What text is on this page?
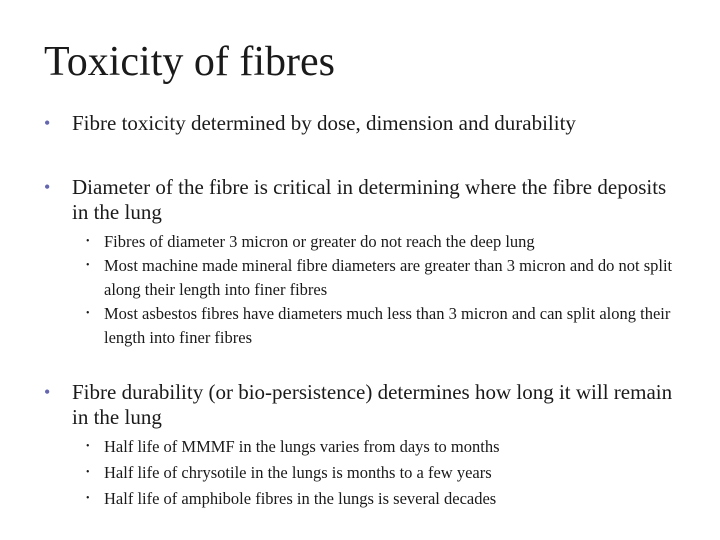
Toxicity of fibres
• Fibre toxicity determined by dose, dimension and durability
• Diameter of the fibre is critical in determining where the fibre deposits in the lung
• Fibres of diameter 3 micron or greater do not reach the deep lung
• Most machine made mineral fibre diameters are greater than 3 micron and do not split along their length into finer fibres
• Most asbestos fibres have diameters much less than 3 micron and can split along their length into finer fibres
• Fibre durability (or bio-persistence) determines how long it will remain in the lung
• Half life of MMMF in the lungs varies from days to months
• Half life of chrysotile in the lungs is months to a few years
• Half life of amphibole fibres in the lungs is several decades
